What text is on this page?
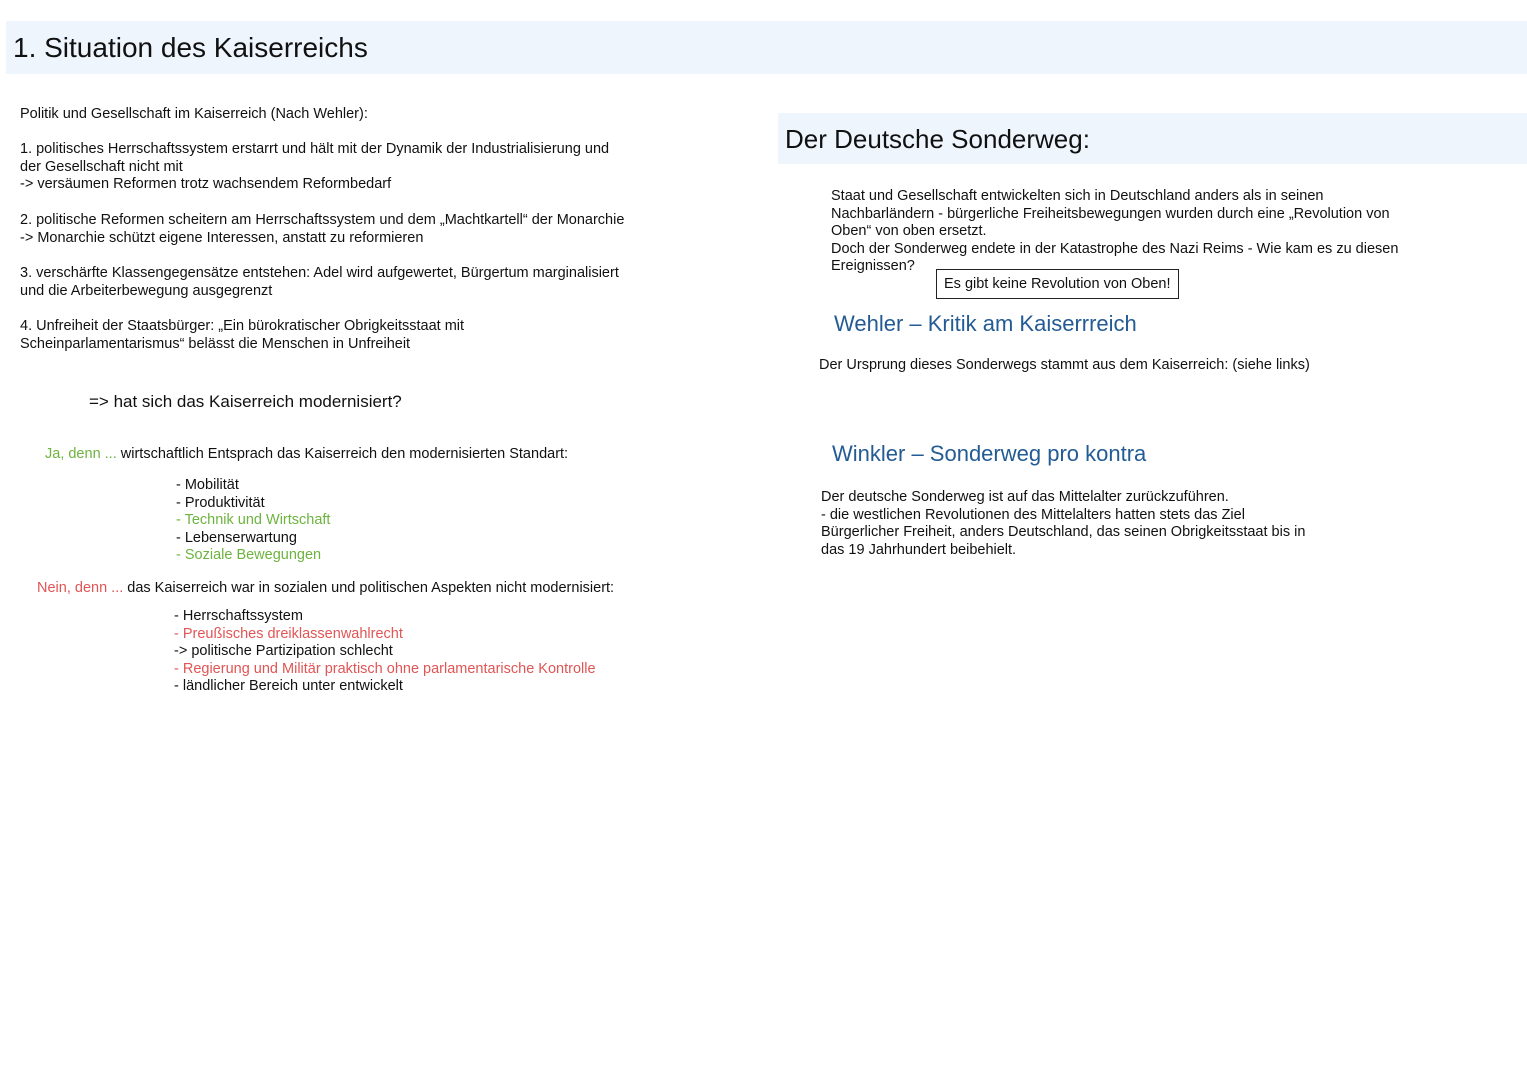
1. Situation des Kaiserreichs

Politik und Gesellschaft im Kaiserreich (Nach Wehler):

1. politisches Herrschaftssystem erstarrt und hält mit der Dynamik der Industrialisierung und

der Gesellschaft nicht mit

-> versäumen Reformen trotz wachsendem Reformbedarf

2. politische Reformen scheitern am Herrschaftssystem und dem „Machtkartell“ der Monarchie

-> Monarchie schützt eigene Interessen, anstatt zu reformieren

3. verschärfte Klassengegensätze entstehen: Adel wird aufgewertet, Bürgertum marginalisiert

und die Arbeiterbewegung ausgegrenzt

4. Unfreiheit der Staatsbürger: „Ein bürokratischer Obrigkeitsstaat mit

Scheinparlamentarismus“ belässt die Menschen in Unfreiheit

=> hat sich das Kaiserreich modernisiert?

Ja, denn ... wirtschaftlich Entsprach das Kaiserreich den modernisierten Standart:

- Mobilität
- Produktivität
- Technik und Wirtschaft
- Lebenserwartung
- Soziale Bewegungen

Nein, denn ... das Kaiserreich war in sozialen und politischen Aspekten nicht modernisiert:

- Herrschaftssystem
- Preußisches dreiklassenwahlrecht
-> politische Partizipation schlecht
- Regierung und Militär praktisch ohne parlamentarische Kontrolle
- ländlicher Bereich unter entwickelt
Der Deutsche Sonderweg:

Staat und Gesellschaft entwickelten sich in Deutschland anders als in seinen

Nachbarländern - bürgerliche Freiheitsbewegungen wurden durch eine „Revolution von

Oben“ von oben ersetzt.

Doch der Sonderweg endete in der Katastrophe des Nazi Reims - Wie kam es zu diesen

Ereignissen?

Es gibt keine Revolution von Oben!
Wehler – Kritik am Kaiserrreich

Der Ursprung dieses Sonderwegs stammt aus dem Kaiserreich: (siehe links)

Winkler – Sonderweg pro kontra

Der deutsche Sonderweg ist auf das Mittelalter zurückzuführen.

- die westlichen Revolutionen des Mittelalters hatten stets das Ziel

Bürgerlicher Freiheit, anders Deutschland, das seinen Obrigkeitsstaat bis in

das 19 Jahrhundert beibehielt.
